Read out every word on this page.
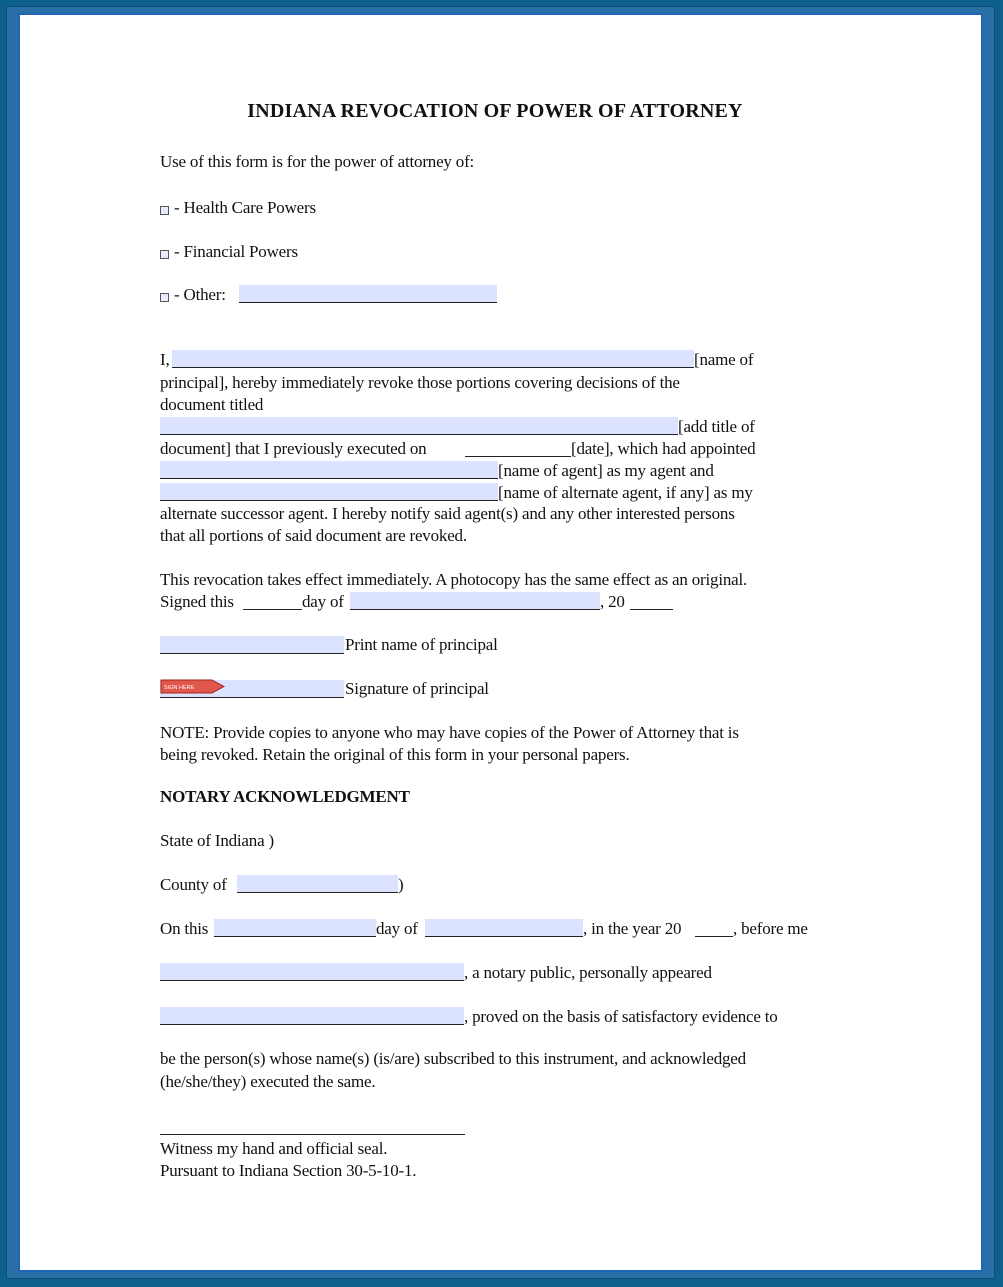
INDIANA REVOCATION OF POWER OF ATTORNEY
Use of this form is for the power of attorney of:
- Health Care Powers
- Financial Powers
- Other:
I,	[name of
principal], hereby immediately revoke those portions covering decisions of the
document titled
[add title of
document] that I previously executed on	[date], which had appointed
[name of agent] as my agent and
[name of alternate agent, if any] as my
alternate successor agent. I hereby notify said agent(s) and any other interested persons
that all portions of said document are revoked.
This revocation takes effect immediately. A photocopy has the same effect as an original.
Signed this	day of	, 20
Print name of principal
SIGN HERE	Signature of principal
NOTE: Provide copies to anyone who may have copies of the Power of Attorney that is
being revoked. Retain the original of this form in your personal papers.
NOTARY ACKNOWLEDGMENT
State of Indiana )
County of	)
On this	day of	, in the year 20	, before me
, a notary public, personally appeared
, proved on the basis of satisfactory evidence to
be the person(s) whose name(s) (is/are) subscribed to this instrument, and acknowledged
(he/she/they) executed the same.
Witness my hand and official seal.
Pursuant to Indiana Section 30-5-10-1.
